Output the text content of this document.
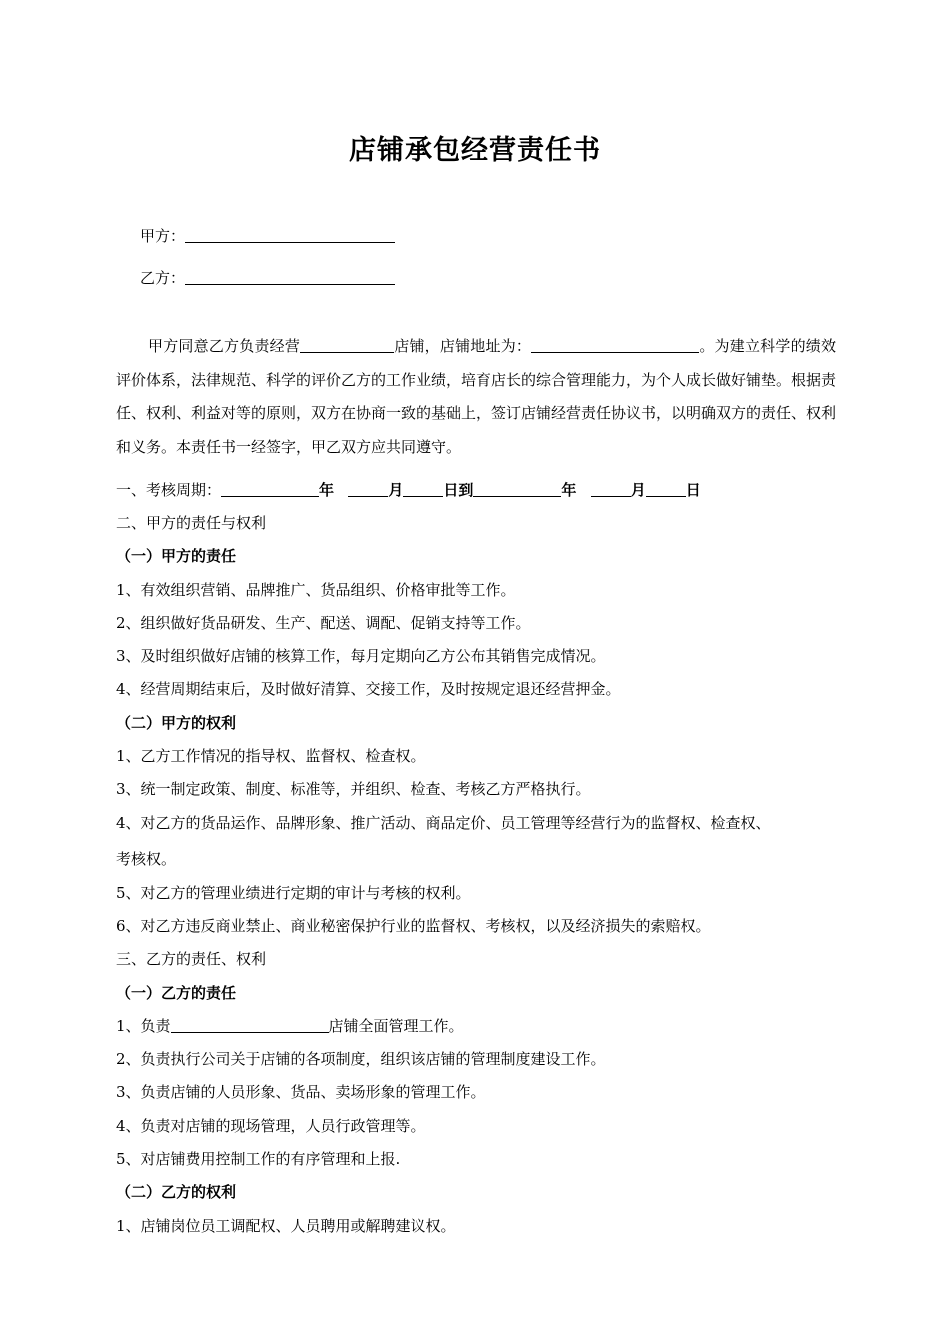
店铺承包经营责任书
甲方：
乙方：
甲方同意乙方负责经营	店铺，店铺地址为：	。为建立科学的绩效评价体系，法律规范、科学的评价乙方的工作业绩，培育店长的综合管理能力，为个人成长做好铺垫。根据责任、权利、利益对等的原则，双方在协商一致的基础上，签订店铺经营责任协议书，以明确双方的责任、权利和义务。本责任书一经签字，甲乙双方应共同遵守。
一、考核周期：	年	月	日到	年	月	日
二、甲方的责任与权利
（一）甲方的责任
1、有效组织营销、品牌推广、货品组织、价格审批等工作。
2、组织做好货品研发、生产、配送、调配、促销支持等工作。
3、及时组织做好店铺的核算工作，每月定期向乙方公布其销售完成情况。
4、经营周期结束后，及时做好清算、交接工作，及时按规定退还经营押金。
（二）甲方的权利
1、乙方工作情况的指导权、监督权、检查权。
3、统一制定政策、制度、标准等，并组织、检查、考核乙方严格执行。
4、对乙方的货品运作、品牌形象、推广活动、商品定价、员工管理等经营行为的监督权、检查权、
考核权。
5、对乙方的管理业绩进行定期的审计与考核的权利。
6、对乙方违反商业禁止、商业秘密保护行业的监督权、考核权，以及经济损失的索赔权。
三、乙方的责任、权利
（一）乙方的责任
1、负责	店铺全面管理工作。
2、负责执行公司关于店铺的各项制度，组织该店铺的管理制度建设工作。
3、负责店铺的人员形象、货品、卖场形象的管理工作。
4、负责对店铺的现场管理，人员行政管理等。
5、对店铺费用控制工作的有序管理和上报.
（二）乙方的权利
1、店铺岗位员工调配权、人员聘用或解聘建议权。
